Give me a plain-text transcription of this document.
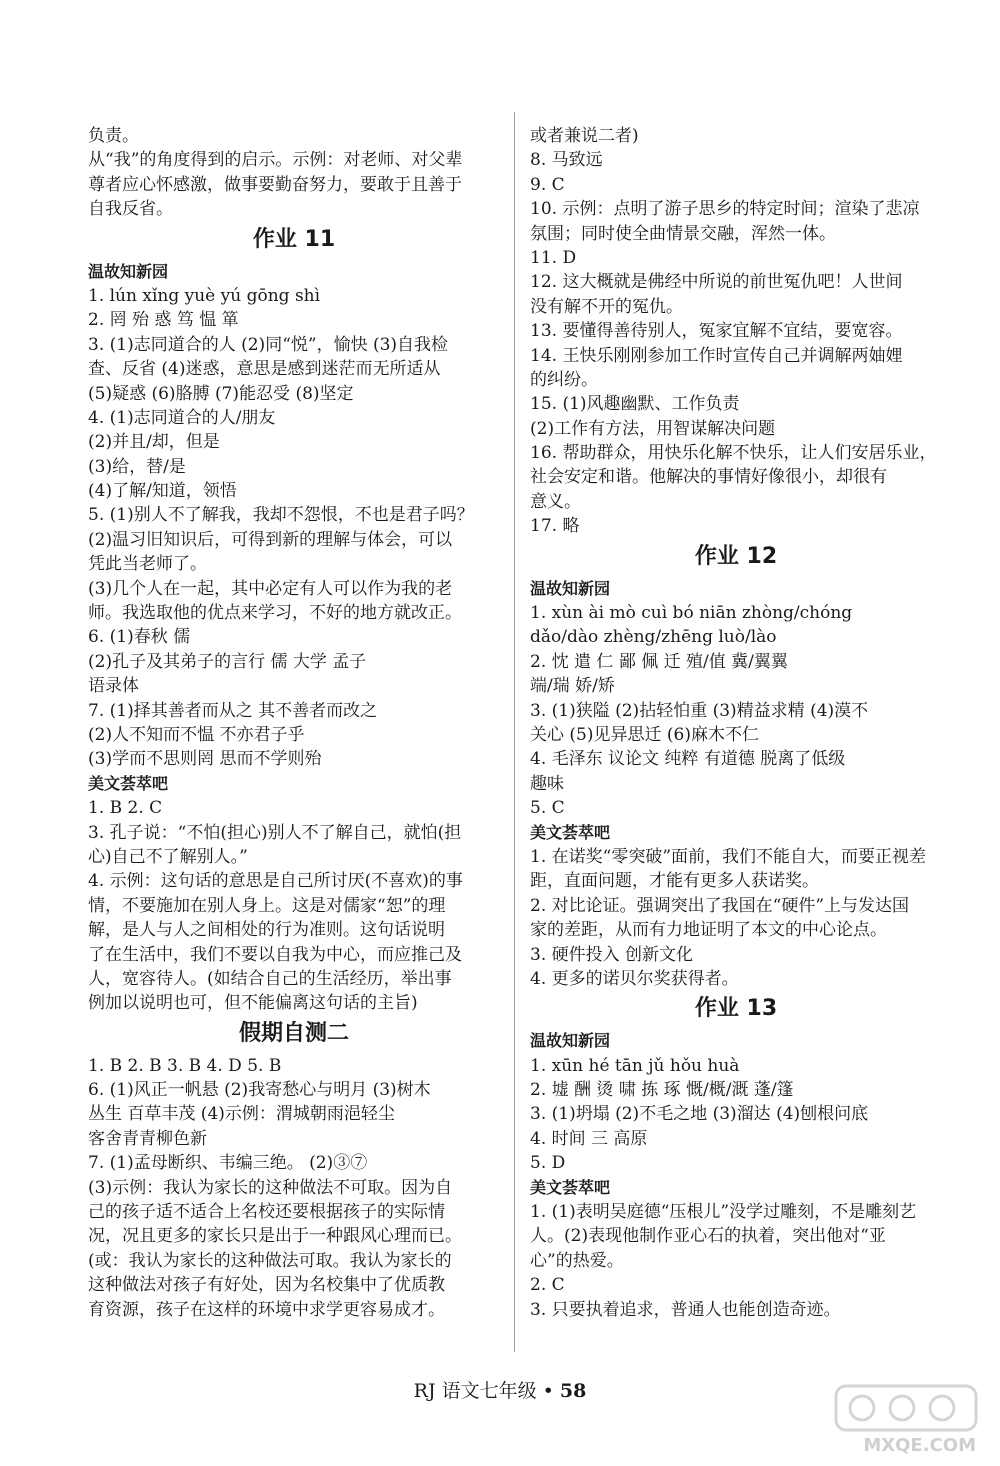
负责。
从“我”的角度得到的启示。示例：对老师、对父辈
尊者应心怀感激，做事要勤奋努力，要敢于且善于
自我反省。
作业 11
温故知新园
1. lún xǐng yuè yú gōng shì
2. 罔 殆 惑 笃 愠 箪
3. (1)志同道合的人 (2)同“悦”，愉快 (3)自我检
查、反省 (4)迷惑，意思是感到迷茫而无所适从
(5)疑惑 (6)胳膊 (7)能忍受 (8)坚定
4. (1)志同道合的人/朋友
(2)并且/却，但是
(3)给，替/是
(4)了解/知道，领悟
5. (1)别人不了解我，我却不怨恨，不也是君子吗？
(2)温习旧知识后，可得到新的理解与体会，可以
凭此当老师了。
(3)几个人在一起，其中必定有人可以作为我的老
师。我选取他的优点来学习，不好的地方就改正。
6. (1)春秋 儒
(2)孔子及其弟子的言行 儒 大学 孟子
语录体
7. (1)择其善者而从之 其不善者而改之
(2)人不知而不愠 不亦君子乎
(3)学而不思则罔 思而不学则殆
美文荟萃吧
1. B 2. C
3. 孔子说：“不怕(担心)别人不了解自己，就怕(担
心)自己不了解别人。”
4. 示例：这句话的意思是自己所讨厌(不喜欢)的事
情，不要施加在别人身上。这是对儒家“恕”的理
解，是人与人之间相处的行为准则。这句话说明
了在生活中，我们不要以自我为中心，而应推己及
人，宽容待人。(如结合自己的生活经历，举出事
例加以说明也可，但不能偏离这句话的主旨)
假期自测二
1. B 2. B 3. B 4. D 5. B
6. (1)风正一帆悬 (2)我寄愁心与明月 (3)树木
丛生 百草丰茂 (4)示例：渭城朝雨浥轻尘
客舍青青柳色新
7. (1)孟母断织、韦编三绝。 (2)③⑦
(3)示例：我认为家长的这种做法不可取。因为自
己的孩子适不适合上名校还要根据孩子的实际情
况，况且更多的家长只是出于一种跟风心理而已。
(或：我认为家长的这种做法可取。我认为家长的
这种做法对孩子有好处，因为名校集中了优质教
育资源，孩子在这样的环境中求学更容易成才。
或者兼说二者)
8. 马致远
9. C
10. 示例：点明了游子思乡的特定时间；渲染了悲凉
氛围；同时使全曲情景交融，浑然一体。
11. D
12. 这大概就是佛经中所说的前世冤仇吧！人世间
没有解不开的冤仇。
13. 要懂得善待别人，冤家宜解不宜结，要宽容。
14. 王快乐刚刚参加工作时宣传自己并调解两妯娌
的纠纷。
15. (1)风趣幽默、工作负责
(2)工作有方法，用智谋解决问题
16. 帮助群众，用快乐化解不快乐，让人们安居乐业，
社会安定和谐。他解决的事情好像很小，却很有
意义。
17. 略
作业 12
温故知新园
1. xùn ài mò cuì bó niān zhòng/chóng
dǎo/dào zhèng/zhēng luò/lào
2. 忱 遣 仁 鄙 佩 迁 殖/值 冀/翼翼
端/瑞 娇/矫
3. (1)狭隘 (2)拈轻怕重 (3)精益求精 (4)漠不
关心 (5)见异思迁 (6)麻木不仁
4. 毛泽东 议论文 纯粹 有道德 脱离了低级
趣味
5. C
美文荟萃吧
1. 在诺奖“零突破”面前，我们不能自大，而要正视差
距，直面问题，才能有更多人获诺奖。
2. 对比论证。强调突出了我国在“硬件”上与发达国
家的差距，从而有力地证明了本文的中心论点。
3. 硬件投入 创新文化
4. 更多的诺贝尔奖获得者。
作业 13
温故知新园
1. xūn hé tān jǔ hǒu huà
2. 墟 酬 烫 啸 拣 琢 慨/概/溉 蓬/篷
3. (1)坍塌 (2)不毛之地 (3)溜达 (4)刨根问底
4. 时间 三 高原
5. D
美文荟萃吧
1. (1)表明吴庭德“压根儿”没学过雕刻，不是雕刻艺
人。(2)表现他制作亚心石的执着，突出他对“亚
心”的热爱。
2. C
3. 只要执着追求，普通人也能创造奇迹。
RJ 语文七年级 • 58
MXQE.COM
